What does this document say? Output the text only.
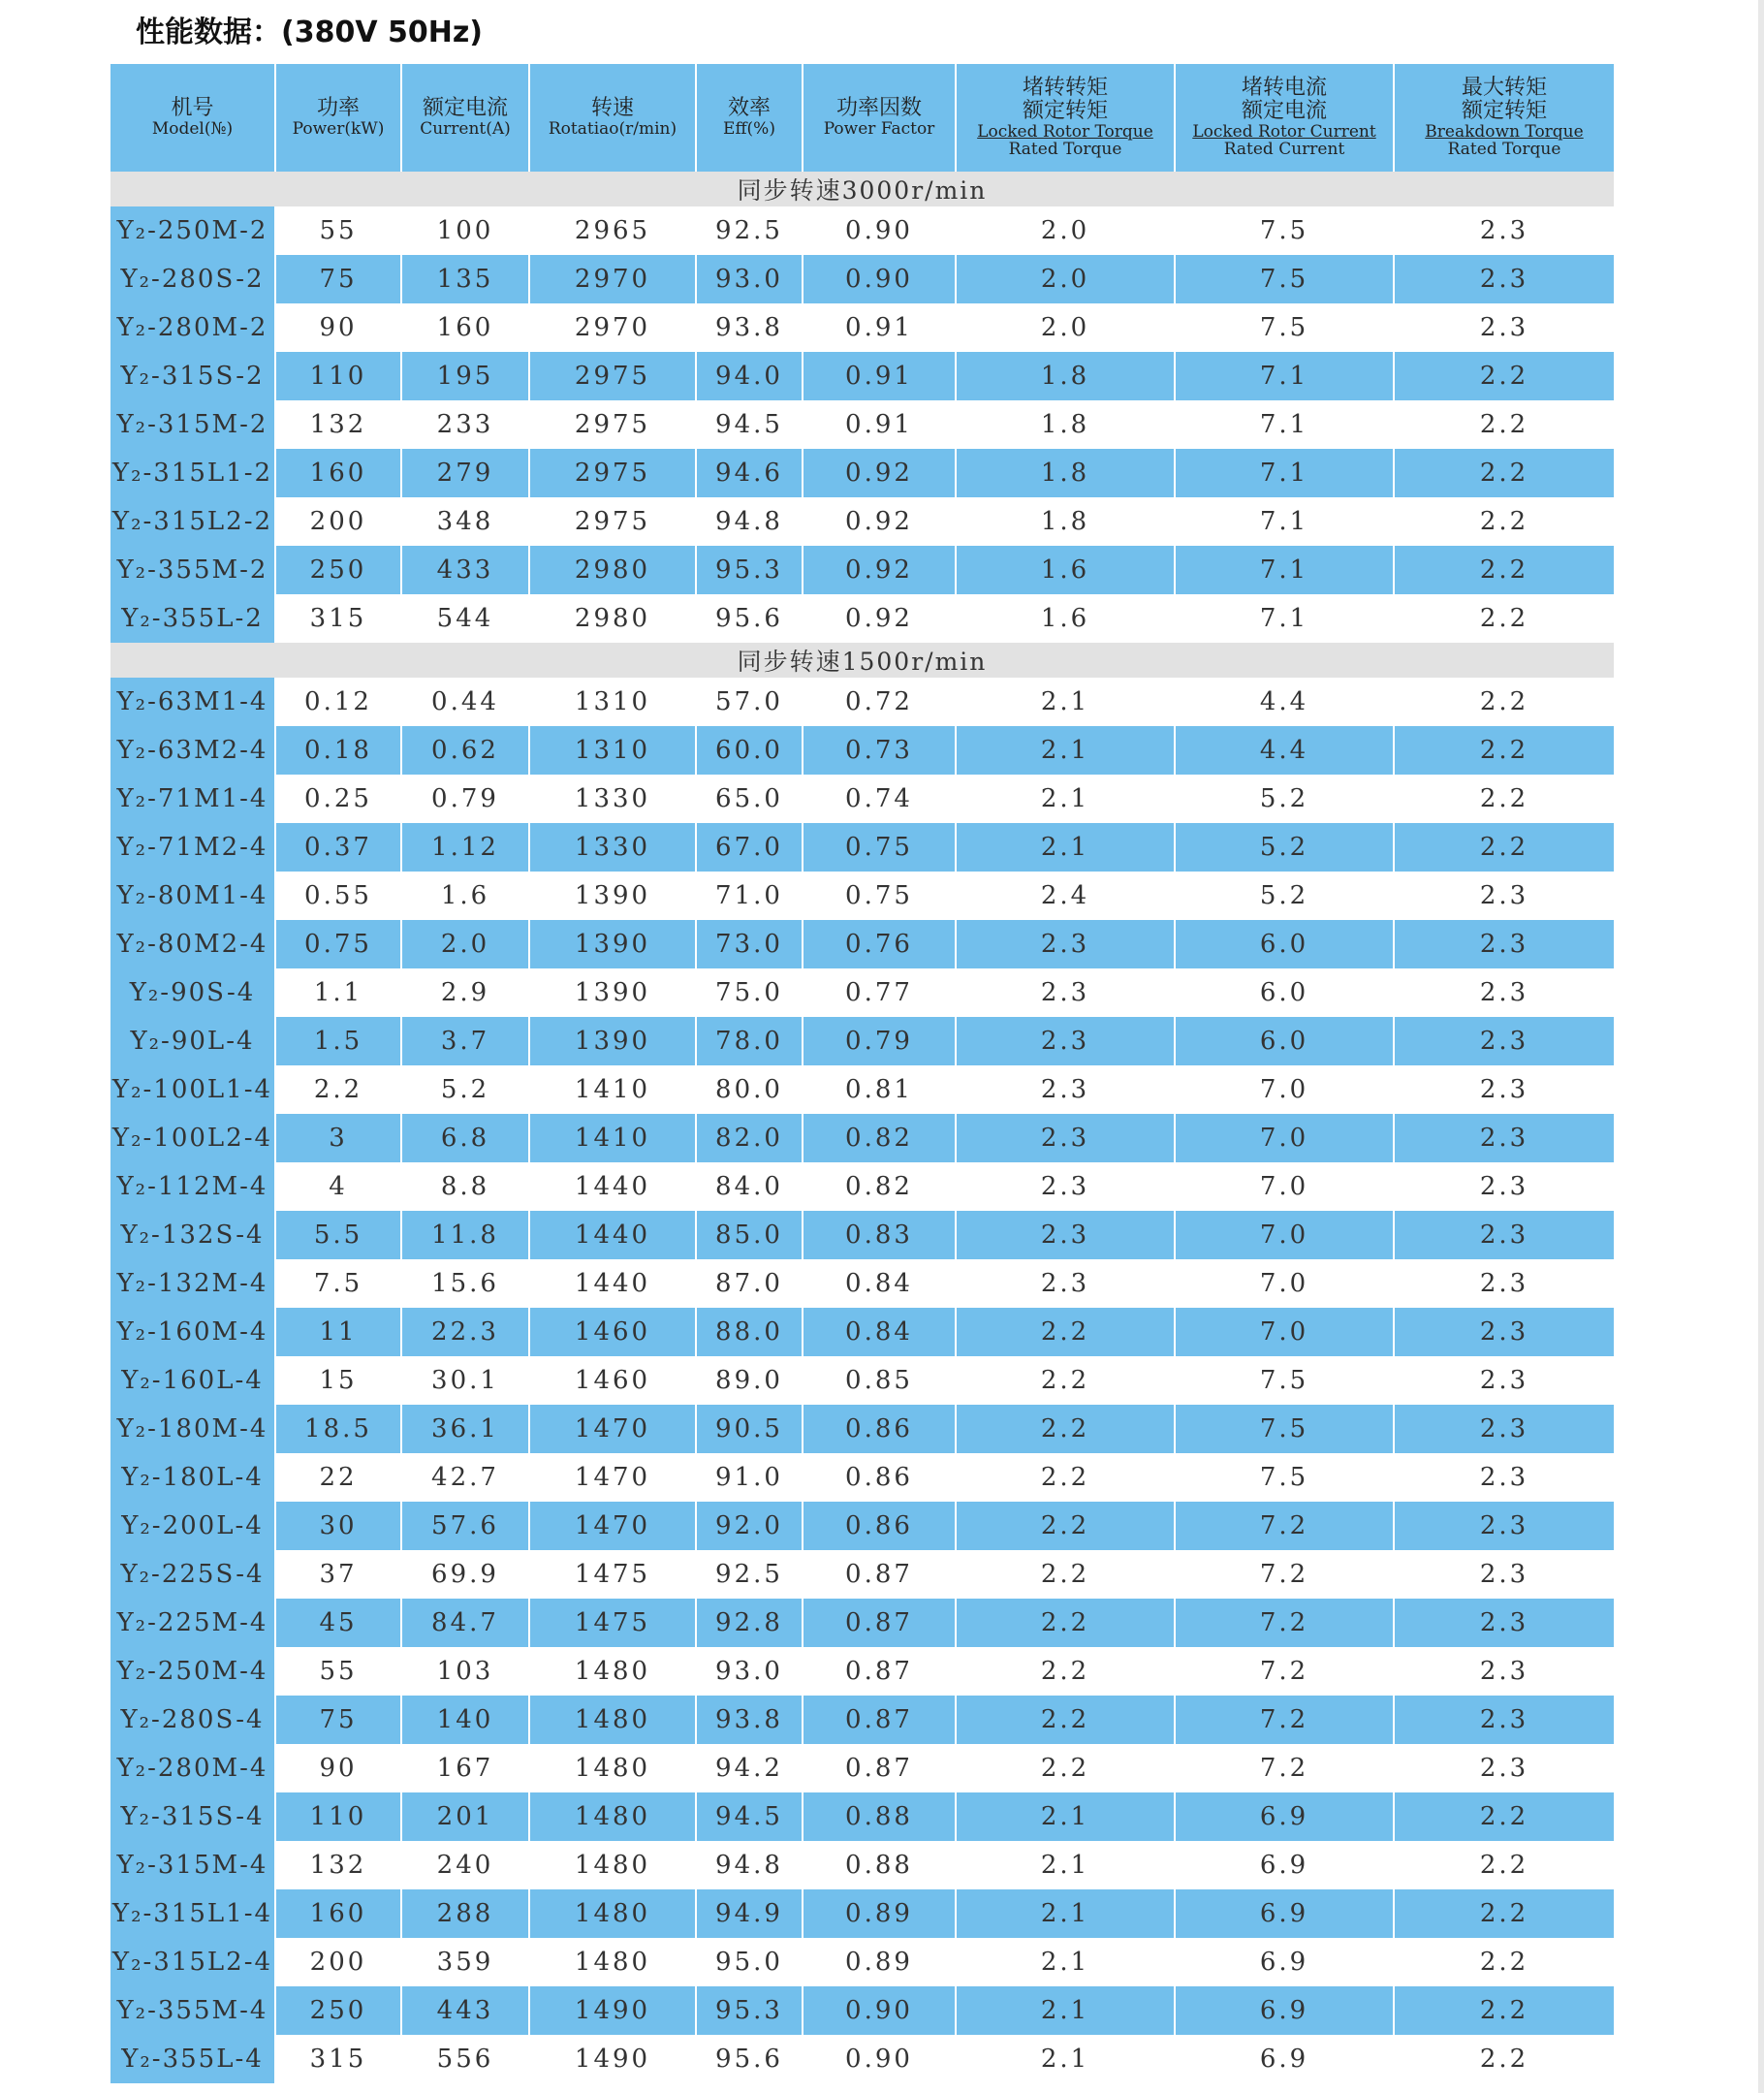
性能数据：(380V 50Hz)
机号
Model(№)	功率
Power(kW)	额定电流
Current(A)	转速
Rotatiao(r/min)	效率
Eff(%)	功率因数
Power Factor	堵转转矩
额定转矩
Locked Rotor Torque
Rated Torque	堵转电流
额定电流
Locked Rotor Current
Rated Current	最大转矩
额定转矩
Breakdown Torque
Rated Torque

同步转速3000r/min								
Y₂-250M-2	55	100	2965	92.5	0.90	2.0	7.5	2.3
Y₂-280S-2	75	135	2970	93.0	0.90	2.0	7.5	2.3
Y₂-280M-2	90	160	2970	93.8	0.91	2.0	7.5	2.3
Y₂-315S-2	110	195	2975	94.0	0.91	1.8	7.1	2.2
Y₂-315M-2	132	233	2975	94.5	0.91	1.8	7.1	2.2
Y₂-315L1-2	160	279	2975	94.6	0.92	1.8	7.1	2.2
Y₂-315L2-2	200	348	2975	94.8	0.92	1.8	7.1	2.2
Y₂-355M-2	250	433	2980	95.3	0.92	1.6	7.1	2.2
Y₂-355L-2	315	544	2980	95.6	0.92	1.6	7.1	2.2
同步转速1500r/min								
Y₂-63M1-4	0.12	0.44	1310	57.0	0.72	2.1	4.4	2.2
Y₂-63M2-4	0.18	0.62	1310	60.0	0.73	2.1	4.4	2.2
Y₂-71M1-4	0.25	0.79	1330	65.0	0.74	2.1	5.2	2.2
Y₂-71M2-4	0.37	1.12	1330	67.0	0.75	2.1	5.2	2.2
Y₂-80M1-4	0.55	1.6	1390	71.0	0.75	2.4	5.2	2.3
Y₂-80M2-4	0.75	2.0	1390	73.0	0.76	2.3	6.0	2.3
Y₂-90S-4	1.1	2.9	1390	75.0	0.77	2.3	6.0	2.3
Y₂-90L-4	1.5	3.7	1390	78.0	0.79	2.3	6.0	2.3
Y₂-100L1-4	2.2	5.2	1410	80.0	0.81	2.3	7.0	2.3
Y₂-100L2-4	3	6.8	1410	82.0	0.82	2.3	7.0	2.3
Y₂-112M-4	4	8.8	1440	84.0	0.82	2.3	7.0	2.3
Y₂-132S-4	5.5	11.8	1440	85.0	0.83	2.3	7.0	2.3
Y₂-132M-4	7.5	15.6	1440	87.0	0.84	2.3	7.0	2.3
Y₂-160M-4	11	22.3	1460	88.0	0.84	2.2	7.0	2.3
Y₂-160L-4	15	30.1	1460	89.0	0.85	2.2	7.5	2.3
Y₂-180M-4	18.5	36.1	1470	90.5	0.86	2.2	7.5	2.3
Y₂-180L-4	22	42.7	1470	91.0	0.86	2.2	7.5	2.3
Y₂-200L-4	30	57.6	1470	92.0	0.86	2.2	7.2	2.3
Y₂-225S-4	37	69.9	1475	92.5	0.87	2.2	7.2	2.3
Y₂-225M-4	45	84.7	1475	92.8	0.87	2.2	7.2	2.3
Y₂-250M-4	55	103	1480	93.0	0.87	2.2	7.2	2.3
Y₂-280S-4	75	140	1480	93.8	0.87	2.2	7.2	2.3
Y₂-280M-4	90	167	1480	94.2	0.87	2.2	7.2	2.3
Y₂-315S-4	110	201	1480	94.5	0.88	2.1	6.9	2.2
Y₂-315M-4	132	240	1480	94.8	0.88	2.1	6.9	2.2
Y₂-315L1-4	160	288	1480	94.9	0.89	2.1	6.9	2.2
Y₂-315L2-4	200	359	1480	95.0	0.89	2.1	6.9	2.2
Y₂-355M-4	250	443	1490	95.3	0.90	2.1	6.9	2.2
Y₂-355L-4	315	556	1490	95.6	0.90	2.1	6.9	2.2
